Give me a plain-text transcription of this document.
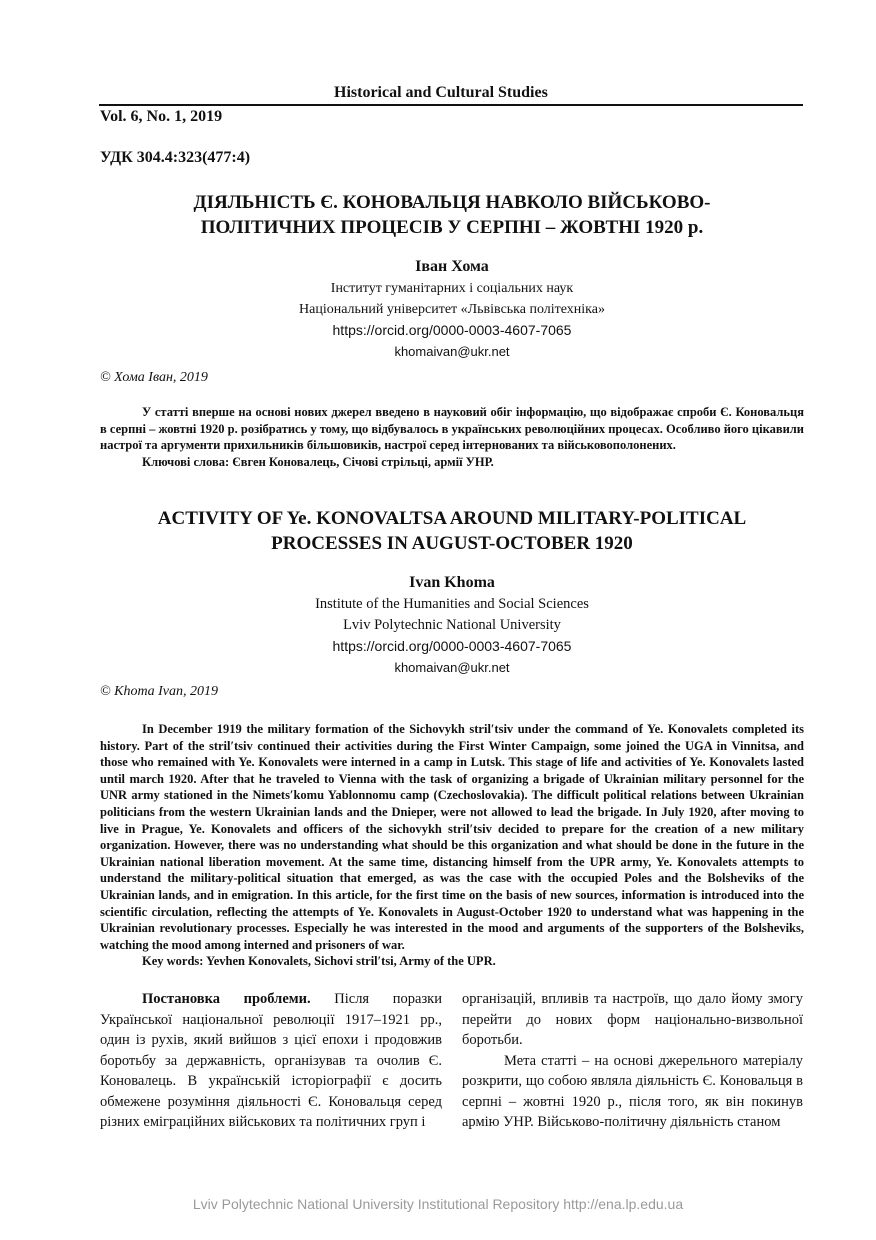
Historical and Cultural Studies
Vol. 6, No. 1, 2019
УДК 304.4:323(477:4)
ДІЯЛЬНІСТЬ Є. КОНОВАЛЬЦЯ НАВКОЛО ВІЙСЬКОВО-
ПОЛІТИЧНИХ ПРОЦЕСІВ У СЕРПНІ – ЖОВТНІ 1920 р.
Іван Хома
Інститут гуманітарних і соціальних наук
Національний університет «Львівська політехніка»
https://orcid.org/0000-0003-4607-7065
khomaivan@ukr.net
© Хома Іван, 2019

У статті вперше на основі нових джерел введено в науковий обіг інформацію, що відображає спроби Є. Коновальця в серпні – жовтні 1920 р. розібратись у тому, що відбувалось в українських революційних процесах. Особливо його цікавили настрої та аргументи прихильників більшовиків, настрої серед інтернованих та військовополонених.

Ключові слова: Євген Коновалець, Січові стрільці, армії УНР.

ACTIVITY OF Ye. KONOVALTSA AROUND MILITARY-POLITICAL
PROCESSES IN AUGUST-OCTOBER 1920
Ivan Khoma
Institute of the Humanities and Social Sciences
Lviv Polytechnic National University
https://orcid.org/0000-0003-4607-7065
khomaivan@ukr.net
© Khoma Ivan, 2019

In December 1919 the military formation of the Sichovykh stril′tsiv under the command of Ye. Konovalets completed its history. Part of the stril′tsiv continued their activities during the First Winter Campaign, some joined the UGA in Vinnitsa, and those who remained with Ye. Konovalets were interned in a camp in Lutsk. This stage of life and activities of Ye. Konovalets lasted until march 1920. After that he traveled to Vienna with the task of organizing a brigade of Ukrainian military personnel for the UNR army stationed in the Nimets′komu Yablonnomu camp (Czechoslovakia). The difficult political relations between Ukrainian politicians from the western Ukrainian lands and the Dnieper, were not allowed to lead the brigade. In July 1920, after moving to live in Prague, Ye. Konovalets and officers of the sichovykh stril′tsiv decided to prepare for the creation of a new military organization. However, there was no understanding what should be this organization and what should be done in the future in the Ukrainian national liberation movement. At the same time, distancing himself from the UPR army, Ye. Konovalets attempts to understand the military-political situation that emerged, as was the case with the occupied Poles and the Bolsheviks of the Ukrainian lands, and in emigration. In this article, for the first time on the basis of new sources, information is introduced into the scientific circulation, reflecting the attempts of Ye. Konovalets in August-October 1920 to understand what was happening in the Ukrainian revolutionary processes. Especially he was interested in the mood and arguments of the supporters of the Bolsheviks, watching the mood among interned and prisoners of war.

Key words: Yevhen Konovalets, Sichovi stril′tsi, Army of the UPR.

Постановка проблеми. Після поразки Української національної революції 1917–1921 рр., один із рухів, який вийшов з цієї епохи і продовжив боротьбу за державність, організував та очолив Є. Коновалець. В українській історіографії є досить обмежене розуміння діяльності Є. Коновальця серед різних еміграційних військових та політичних груп і

організацій, впливів та настроїв, що дало йому змогу перейти до нових форм національно-визвольної боротьби.

Мета статті – на основі джерельного матеріалу розкрити, що собою являла діяльність Є. Коновальця в серпні – жовтні 1920 р., після того, як він покинув армію УНР. Військово-політичну діяльність станом

Lviv Polytechnic National University Institutional Repository http://ena.lp.edu.ua
